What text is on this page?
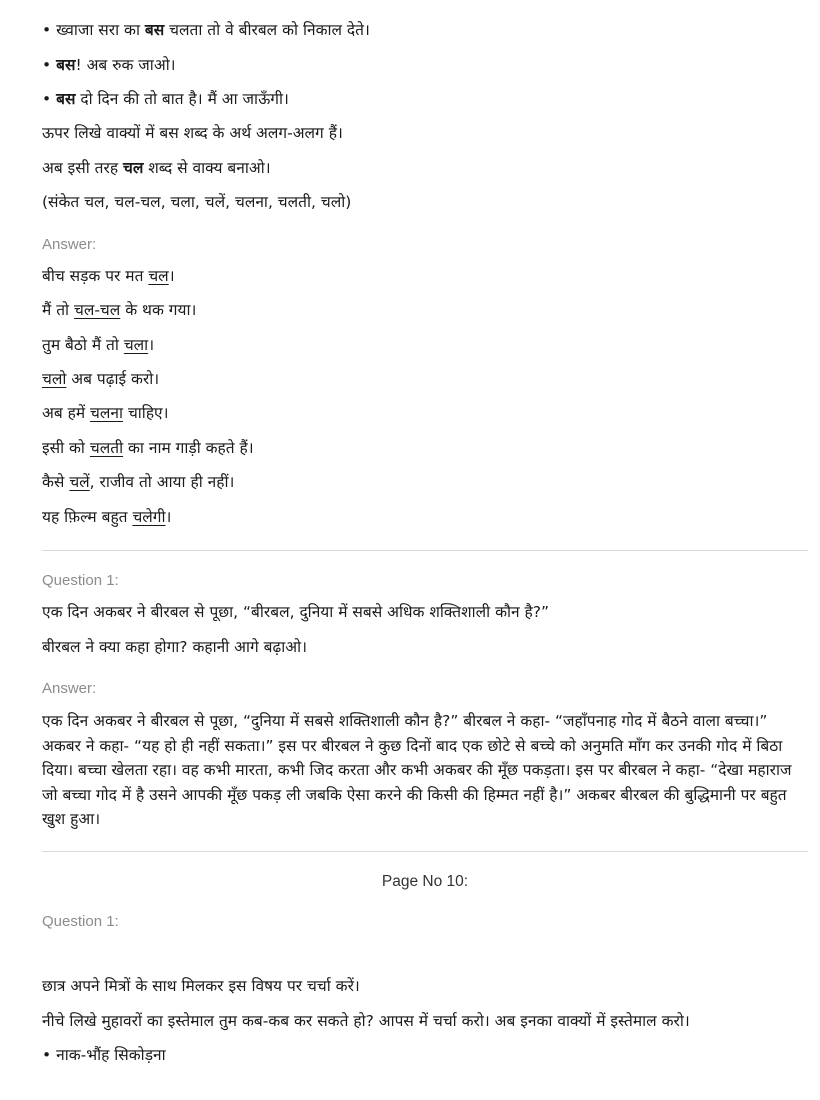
• ख्वाजा सरा का बस चलता तो वे बीरबल को निकाल देते।
• बस! अब रुक जाओ।
• बस दो दिन की तो बात है। मैं आ जाऊँगी।
ऊपर लिखे वाक्यों में बस शब्द के अर्थ अलग-अलग हैं।
अब इसी तरह चल शब्द से वाक्य बनाओ।
(संकेत चल, चल-चल, चला, चलें, चलना, चलती, चलो)
Answer:
बीच सड़क पर मत चल।
मैं तो चल-चल के थक गया।
तुम बैठो मैं तो चला।
चलो अब पढ़ाई करो।
अब हमें चलना चाहिए।
इसी को चलती का नाम गाड़ी कहते हैं।
कैसे चलें, राजीव तो आया ही नहीं।
यह फ़िल्म बहुत चलेगी।
Question 1:
एक दिन अकबर ने बीरबल से पूछा, “बीरबल, दुनिया में सबसे अधिक शक्तिशाली कौन है?”
बीरबल ने क्या कहा होगा? कहानी आगे बढ़ाओ।
Answer:
एक दिन अकबर ने बीरबल से पूछा, “दुनिया में सबसे शक्तिशाली कौन है?” बीरबल ने कहा- “जहाँपनाह गोद में बैठने वाला बच्चा।” अकबर ने कहा- “यह हो ही नहीं सकता।” इस पर बीरबल ने कुछ दिनों बाद एक छोटे से बच्चे को अनुमति माँग कर उनकी गोद में बिठा दिया। बच्चा खेलता रहा। वह कभी मारता, कभी जिद करता और कभी अकबर की मूँछ पकड़ता। इस पर बीरबल ने कहा- “देखा महाराज जो बच्चा गोद में है उसने आपकी मूँछ पकड़ ली जबकि ऐसा करने की किसी की हिम्मत नहीं है।” अकबर बीरबल की बुद्धिमानी पर बहुत खुश हुआ।
Page No 10:
Question 1:
छात्र अपने मित्रों के साथ मिलकर इस विषय पर चर्चा करें।
नीचे लिखे मुहावरों का इस्तेमाल तुम कब-कब कर सकते हो? आपस में चर्चा करो। अब इनका वाक्यों में इस्तेमाल करो।
• नाक-भौंह सिकोड़ना
